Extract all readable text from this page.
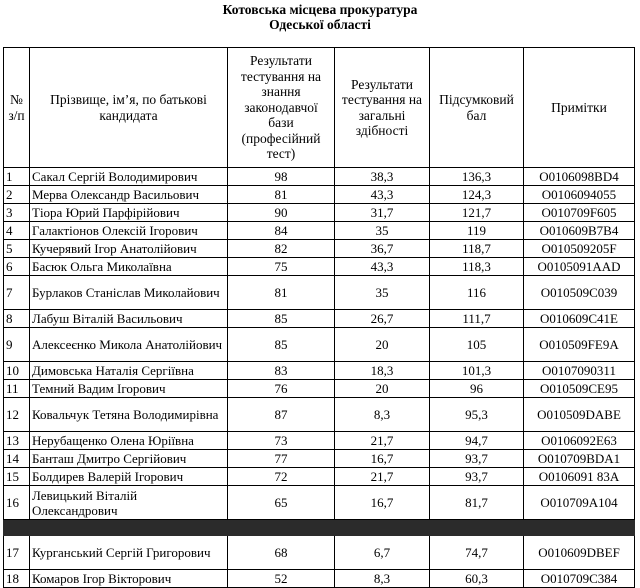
Котовська місцева прокуратура
Одеської області
№ з/п	Прізвище, ім’я, по батькові кандидата	Результати тестування на знання законодавчої бази (професійний тест)	Результати тестування на загальні здібності	Підсумковий бал	Примітки
1	Сакал Сергій Володимирович	98	38,3	136,3	O0106098BD4
2	Мерва Олександр Васильович	81	43,3	124,3	O0106094055
3	Тіора Юрий Парфірійович	90	31,7	121,7	O010709F605
4	Галактіонов Олексій Ігорович	84	35	119	O010609B7B4
5	Кучерявий Ігор Анатолійович	82	36,7	118,7	O010509205F
6	Басюк Ольга Миколаївна	75	43,3	118,3	O0105091AAD
7	Бурлаков Станіслав Миколайович	81	35	116	O010509C039
8	Лабуш Віталій Васильович	85	26,7	111,7	O010609C41E
9	Алексеєнко Микола Анатолійович	85	20	105	O010509FE9A
10	Димовська Наталія Сергіївна	83	18,3	101,3	O0107090311
11	Темний Вадим Ігорович	76	20	96	O010509CE95
12	Ковальчук Тетяна Володимирівна	87	8,3	95,3	O010509DABE
13	Нерубащенко Олена Юріївна	73	21,7	94,7	O0106092E63
14	Банташ Дмитро Сергійович	77	16,7	93,7	O010709BDA1
15	Болдирев Валерій Ігорович	72	21,7	93,7	O0106091 83A
16	Левицький Віталій Олександрович	65	16,7	81,7	O010709A104

17	Курганський Сергій Григорович	68	6,7	74,7	O010609DBEF
18	Комаров Ігор Вікторович	52	8,3	60,3	O010709C384
